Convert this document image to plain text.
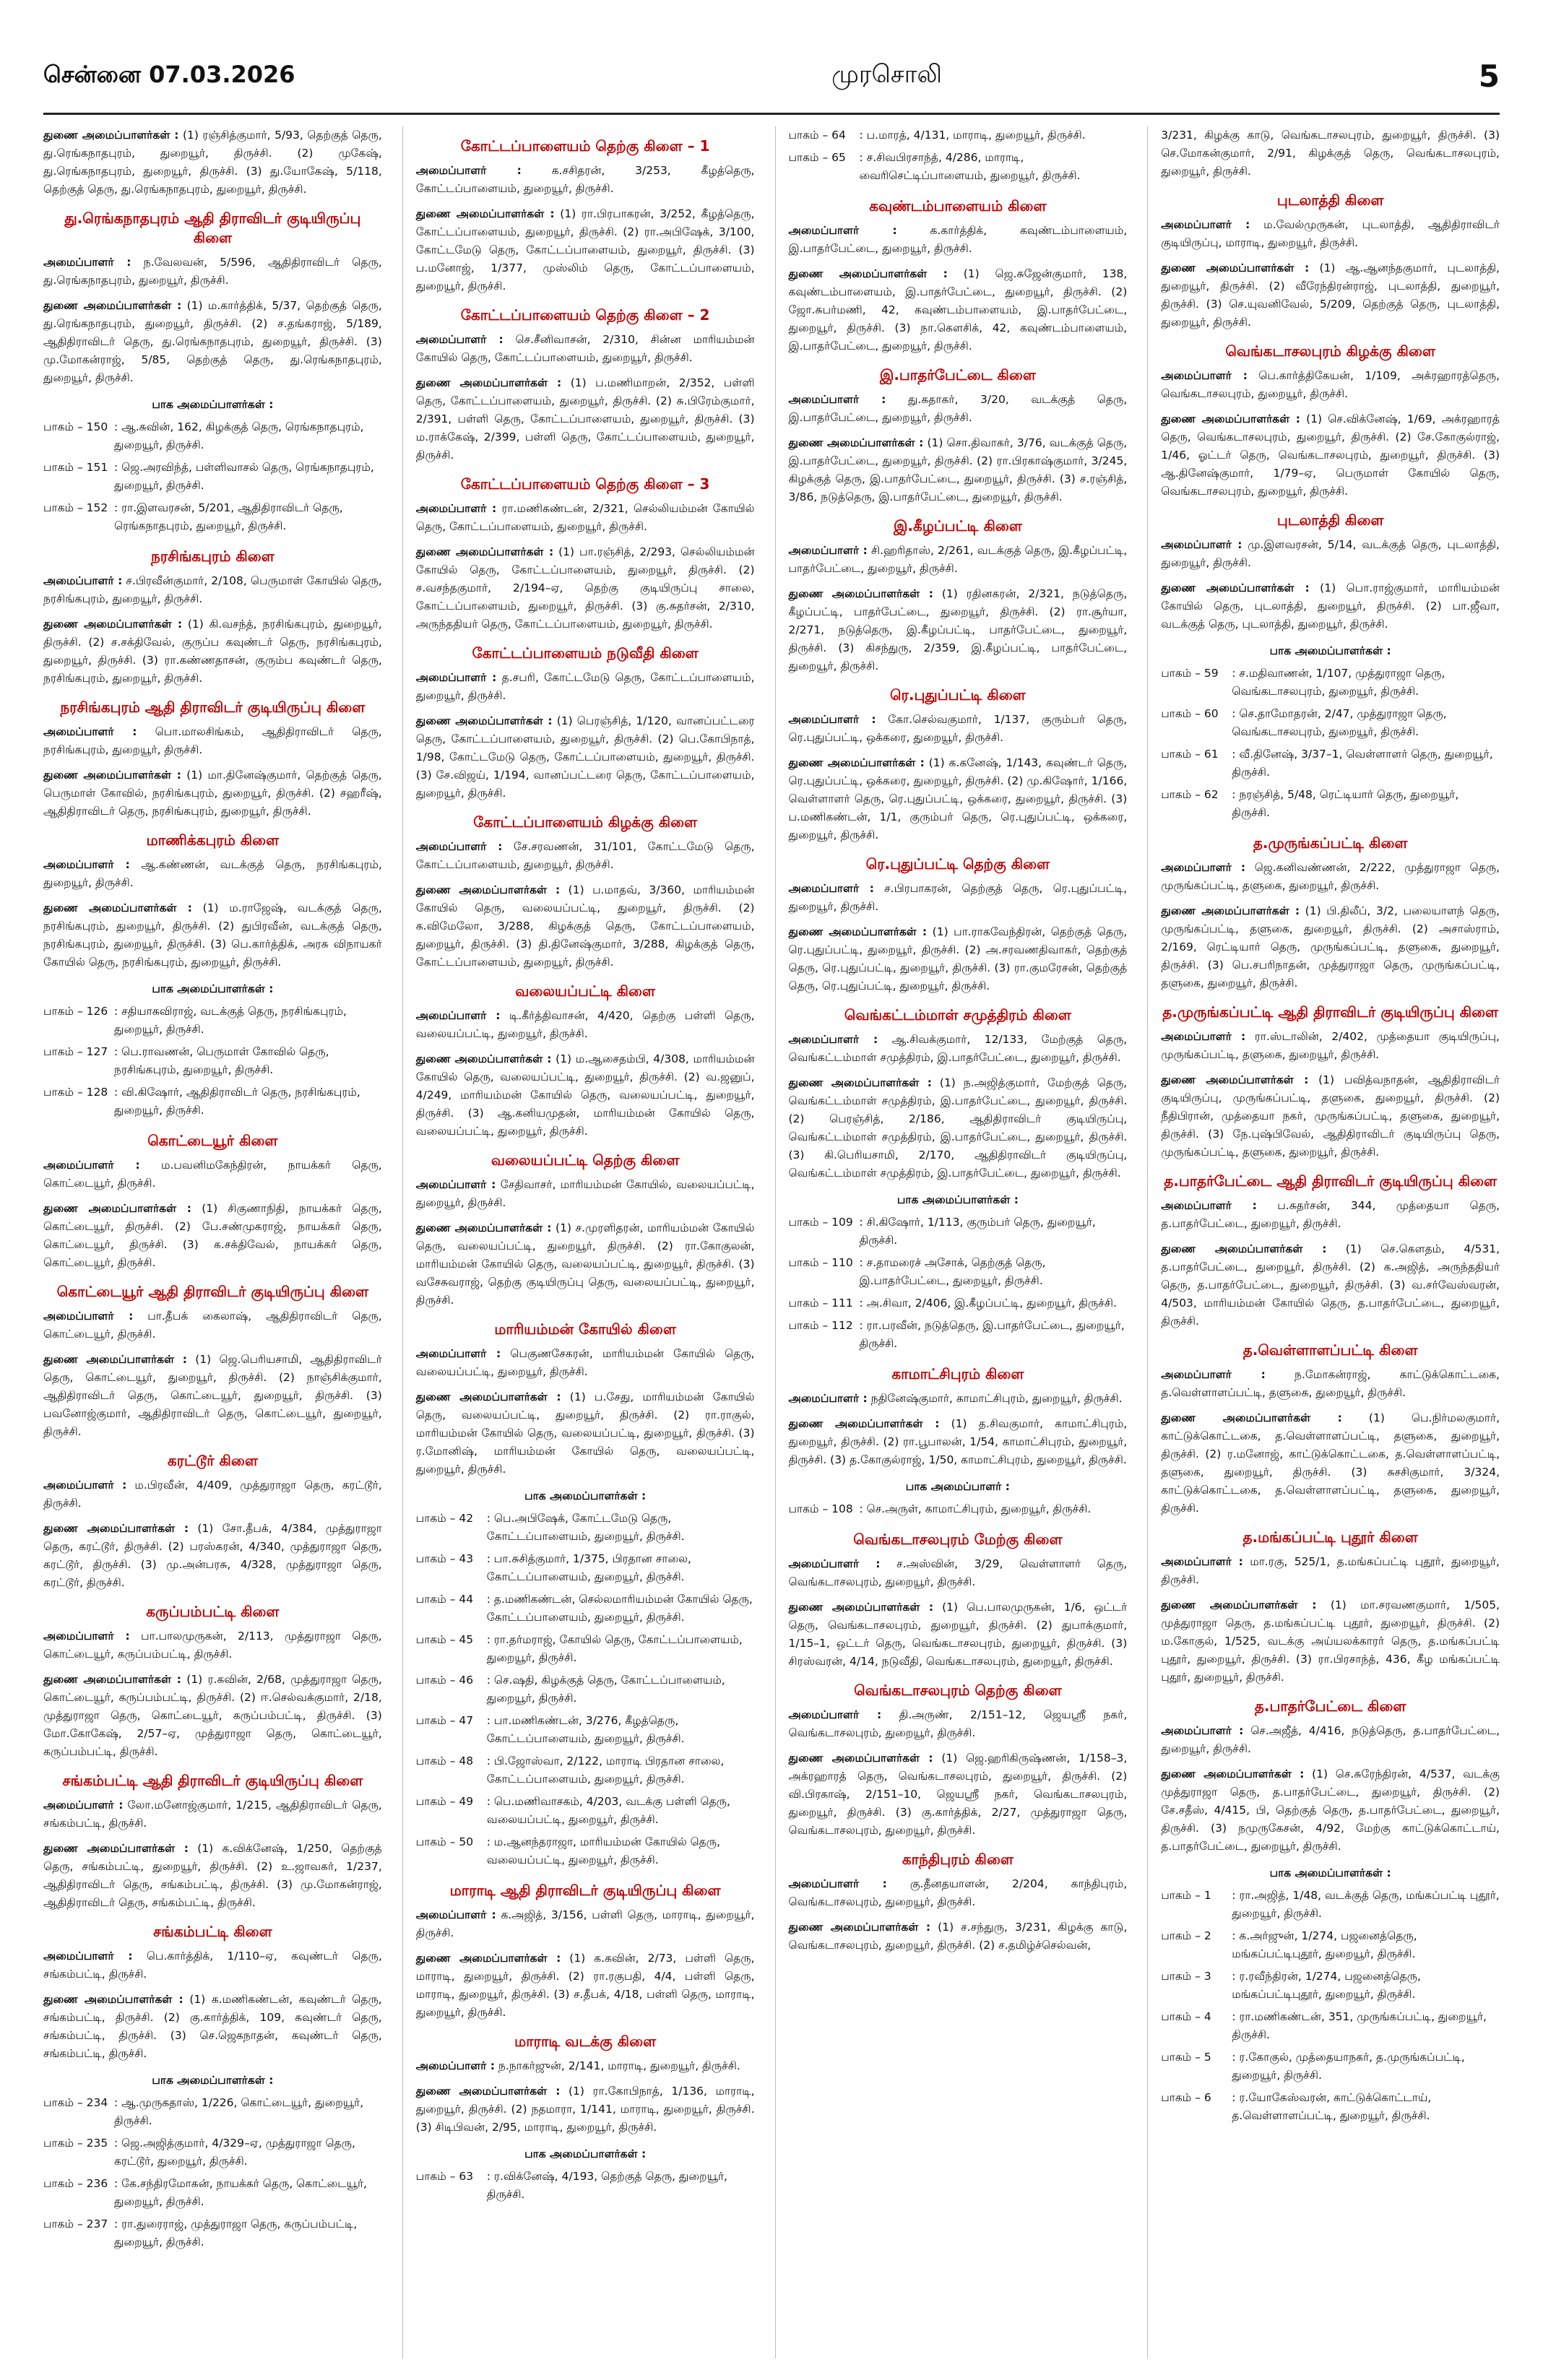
சென்னை 07.03.2026	முரசொலி	5
துணை அமைப்பாளர்கள் : (1) ரஞ்சித்குமார், 5/93, தெற்குத் தெரு, து.ரெங்கநாதபுரம், துறையூர், திருச்சி. (2) முகேஷ், து.ரெங்கநாதபுரம், துறையூர், திருச்சி. (3) து.யோகேஷ், 5/118, தெற்குத் தெரு, து.ரெங்கநாதபுரம், துறையூர், திருச்சி.
து.ரெங்கநாதபுரம் ஆதி திராவிடர் குடியிருப்பு கிளை
அமைப்பாளர் : ந.வேலவன், 5/596, ஆதிதிராவிடர் தெரு, து.ரெங்கநாதபுரம், துறையூர், திருச்சி.
துணை அமைப்பாளர்கள் : (1) ம.கார்த்திக், 5/37, தெற்குத் தெரு, து.ரெங்கநாதபுரம், துறையூர், திருச்சி. (2) ச.தங்கராஜ், 5/189, ஆதிதிராவிடர் தெரு, து.ரெங்கநாதபுரம், துறையூர், திருச்சி. (3) மு.மோகன்ராஜ், 5/85, தெற்குத் தெரு, து.ரெங்கநாதபுரம், துறையூர், திருச்சி.
பாக அமைப்பாளர்கள் :
பாகம் – 150 : ஆ.சுவின், 162, கிழக்குத் தெரு, ரெங்கநாதபுரம், துறையூர், திருச்சி.
பாகம் – 151 : ஜெ.அரவிந்த், பள்ளிவாசல் தெரு, ரெங்கநாதபுரம், துறையூர், திருச்சி.
பாகம் – 152 : ரா.இளவரசன், 5/201, ஆதிதிராவிடர் தெரு, ரெங்கநாதபுரம், துறையூர், திருச்சி.
நரசிங்கபுரம் கிளை
அமைப்பாளர் : ச.பிரவீன்குமார், 2/108, பெருமாள் கோயில் தெரு, நரசிங்கபுரம், துறையூர், திருச்சி.
துணை அமைப்பாளர்கள் : (1) கி.வசந்த், நரசிங்கபுரம், துறையூர், திருச்சி. (2) ச.சக்திவேல், குருப்ப கவுண்டர் தெரு, நரசிங்கபுரம், துறையூர், திருச்சி. (3) ரா.கண்ணதாசன், குரும்ப கவுண்டர் தெரு, நரசிங்கபுரம், துறையூர், திருச்சி.
நரசிங்கபுரம் ஆதி திராவிடர் குடியிருப்பு கிளை
அமைப்பாளர் : பொ.மாலசிங்கம், ஆதிதிராவிடர் தெரு, நரசிங்கபுரம், துறையூர், திருச்சி.
துணை அமைப்பாளர்கள் : (1) மா.தினேஷ்குமார், தெற்குத் தெரு, பெருமாள் கோவில், நரசிங்கபுரம், துறையூர், திருச்சி. (2) சஹரீஷ், ஆதிதிராவிடர் தெரு, நரசிங்கபுரம், துறையூர், திருச்சி.
மாணிக்கபுரம் கிளை
அமைப்பாளர் : ஆ.கண்ணன், வடக்குத் தெரு, நரசிங்கபுரம், துறையூர், திருச்சி.
துணை அமைப்பாளர்கள் : (1) ம.ராஜேஷ், வடக்குத் தெரு, நரசிங்கபுரம், துறையூர், திருச்சி. (2) துபிரவீன், வடக்குத் தெரு, நரசிங்கபுரம், துறையூர், திருச்சி. (3) பெ.கார்த்திக், அரசு விநாயகர் கோயில் தெரு, நரசிங்கபுரம், துறையூர், திருச்சி.
பாக அமைப்பாளர்கள் :
பாகம் – 126 : சதியாகவிராஜ், வடக்குத் தெரு, நரசிங்கபுரம், துறையூர், திருச்சி.
பாகம் – 127 : பெ.ராவணன், பெருமாள் கோவில் தெரு, நரசிங்கபுரம், துறையூர், திருச்சி.
பாகம் – 128 : வி.கிஷோர், ஆதிதிராவிடர் தெரு, நரசிங்கபுரம், துறையூர், திருச்சி.
கொட்டையூர் கிளை
அமைப்பாளர் : ம.பவனிமகேந்திரன், நாயக்கர் தெரு, கொட்டையூர், திருச்சி.
துணை அமைப்பாளர்கள் : (1) சிகுணாநிதி, நாயக்கர் தெரு, கொட்டையூர், திருச்சி. (2) பே.சண்முகராஜ், நாயக்கர் தெரு, கொட்டையூர், திருச்சி. (3) க.சக்திவேல், நாயக்கர் தெரு, கொட்டையூர், திருச்சி.
கொட்டையூர் ஆதி திராவிடர் குடியிருப்பு கிளை
அமைப்பாளர் : பா.தீபக் கைலாஷ், ஆதிதிராவிடர் தெரு, கொட்டையூர், திருச்சி.
துணை அமைப்பாளர்கள் : (1) ஜெ.பெரியசாமி, ஆதிதிராவிடர் தெரு, கொட்டையூர், துறையூர், திருச்சி. (2) நாஞ்சிக்குமார், ஆதிதிராவிடர் தெரு, கொட்டையூர், துறையூர், திருச்சி. (3) பவனோஜ்குமார், ஆதிதிராவிடர் தெரு, கொட்டையூர், துறையூர், திருச்சி.
கரட்டூர் கிளை
அமைப்பாளர் : ம.பிரவீன், 4/409, முத்துராஜா தெரு, கரட்டூர், திருச்சி.
துணை அமைப்பாளர்கள் : (1) சோ.தீபக், 4/384, முத்துராஜா தெரு, கரட்டூர், திருச்சி. (2) பரஸ்கரன், 4/340, முத்துராஜா தெரு, கரட்டூர், திருச்சி. (3) மு.அன்பரசு, 4/328, முத்துராஜா தெரு, கரட்டூர், திருச்சி.
கருப்பம்பட்டி கிளை
அமைப்பாளர் : பா.பாலமுருகன், 2/113, முத்துராஜா தெரு, கொட்டையூர், கருப்பம்பட்டி, திருச்சி.
துணை அமைப்பாளர்கள் : (1) ர.கவின், 2/68, முத்துராஜா தெரு, கொட்டையூர், கருப்பம்பட்டி, திருச்சி. (2) ஈ.செல்வக்குமார், 2/18, முத்துராஜா தெரு, கொட்டையூர், கருப்பம்பட்டி, திருச்சி. (3) மோ.கோகேஷ், 2/57–ஏ, முத்துராஜா தெரு, கொட்டையூர், கருப்பம்பட்டி, திருச்சி.
சங்கம்பட்டி ஆதி திராவிடர் குடியிருப்பு கிளை
அமைப்பாளர் : லோ.மனோஜ்குமார், 1/215, ஆதிதிராவிடர் தெரு, சங்கம்பட்டி, திருச்சி.
துணை அமைப்பாளர்கள் : (1) க.விக்னேஷ், 1/250, தெற்குத் தெரு, சங்கம்பட்டி, துறையூர், திருச்சி. (2) உ.ஜாவகர், 1/237, ஆதிதிராவிடர் தெரு, சங்கம்பட்டி, திருச்சி. (3) மு.மோகன்ராஜ், ஆதிதிராவிடர் தெரு, சங்கம்பட்டி, திருச்சி.
சங்கம்பட்டி கிளை
அமைப்பாளர் : பெ.கார்த்திக், 1/110–ஏ, கவுண்டர் தெரு, சங்கம்பட்டி, திருச்சி.
துணை அமைப்பாளர்கள் : (1) க.மணிகண்டன், கவுண்டர் தெரு, சங்கம்பட்டி, திருச்சி. (2) கு.கார்த்திக், 109, கவுண்டர் தெரு, சங்கம்பட்டி, திருச்சி. (3) செ.ஜெகநாதன், கவுண்டர் தெரு, சங்கம்பட்டி, திருச்சி.
பாக அமைப்பாளர்கள் :
பாகம் – 234 : ஆ.முருகதாஸ், 1/226, கொட்டையூர், துறையூர், திருச்சி.
பாகம் – 235 : ஜெ.அஜித்குமார், 4/329–ஏ, முத்துராஜா தெரு, கரட்டூர், துறையூர், திருச்சி.
பாகம் – 236 : கே.சந்திரமோகன், நாயக்கர் தெரு, கொட்டையூர், துறையூர், திருச்சி.
பாகம் – 237 : ரா.துரைராஜ், முத்துராஜா தெரு, கருப்பம்பட்டி, துறையூர், திருச்சி.
கோட்டப்பாளையம் தெற்கு கிளை – 1
அமைப்பாளர் :	க.சசிதரன், 3/253, கீழத்தெரு, கோட்டப்பாளையம், துறையூர், திருச்சி.
துணை அமைப்பாளர்கள் : (1) ரா.பிரபாகரன், 3/252, கீழத்தெரு, கோட்டப்பாளையம், துறையூர், திருச்சி. (2) ரா.அபிஷேக், 3/100, கோட்டமேடு தெரு, கோட்டப்பாளையம், துறையூர், திருச்சி. (3) ப.மனோஜ், 1/377, முஸ்லிம் தெரு, கோட்டப்பாளையம், துறையூர், திருச்சி.
கோட்டப்பாளையம் தெற்கு கிளை – 2
அமைப்பாளர் : செ.சீனிவாசன், 2/310, சின்ன மாரியம்மன் கோயில் தெரு, கோட்டப்பாளையம், துறையூர், திருச்சி.
துணை அமைப்பாளர்கள் : (1) ப.மணிமாறன், 2/352, பள்ளி தெரு, கோட்டப்பாளையம், துறையூர், திருச்சி. (2) சு.பிரேம்குமார், 2/391, பள்ளி தெரு, கோட்டப்பாளையம், துறையூர், திருச்சி. (3) ம.ராக்கேஷ், 2/399, பள்ளி தெரு, கோட்டப்பாளையம், துறையூர், திருச்சி.
கோட்டப்பாளையம் தெற்கு கிளை – 3
அமைப்பாளர் : ரா.மணிகண்டன், 2/321, செல்லியம்மன் கோயில் தெரு, கோட்டப்பாளையம், துறையூர், திருச்சி.
துணை அமைப்பாளர்கள் : (1) பா.ரஞ்சித், 2/293, செல்லியம்மன் கோயில் தெரு, கோட்டப்பாளையம், துறையூர், திருச்சி. (2) ச.வசந்தகுமார், 2/194–ஏ, தெற்கு குடியிருப்பு சாலை, கோட்டப்பாளையம், துறையூர், திருச்சி. (3) கு.சுதர்சன், 2/310, அருந்ததியர் தெரு, கோட்டப்பாளையம், துறையூர், திருச்சி.
கோட்டப்பாளையம் நடுவீதி கிளை
அமைப்பாளர் : த.சபரி, கோட்டமேடு தெரு, கோட்டப்பாளையம், துறையூர், திருச்சி.
துணை அமைப்பாளர்கள் : (1) பெரஞ்சித், 1/120, வானப்பட்டரை தெரு, கோட்டப்பாளையம், துறையூர், திருச்சி. (2) பெ.கோபிநாத், 1/98, கோட்டமேடு தெரு, கோட்டப்பாளையம், துறையூர், திருச்சி. (3) சே.விஜய், 1/194, வானப்பட்டரை தெரு, கோட்டப்பாளையம், துறையூர், திருச்சி.
கோட்டப்பாளையம் கிழக்கு கிளை
அமைப்பாளர் : சே.சரவணன், 31/101, கோட்டமேடு தெரு, கோட்டப்பாளையம், துறையூர், திருச்சி.
துணை அமைப்பாளர்கள் : (1) ப.மாதவ், 3/360, மாரியம்மன் கோயில் தெரு, வலையப்பட்டி, துறையூர், திருச்சி. (2) க.விமேலோ, 3/288, கிழக்குத் தெரு, கோட்டப்பாளையம், துறையூர், திருச்சி. (3) தி.தினேஷ்குமார், 3/288, கிழக்குத் தெரு, கோட்டப்பாளையம், துறையூர், திருச்சி.
வலையப்பட்டி கிளை
அமைப்பாளர் : டி.கீர்த்திவாசன், 4/420, தெற்கு பள்ளி தெரு, வலையப்பட்டி, துறையூர், திருச்சி.
துணை அமைப்பாளர்கள் : (1) ம.ஆசைதம்பி, 4/308, மாரியம்மன் கோயில் தெரு, வலையப்பட்டி, துறையூர், திருச்சி. (2) வ.ஜனுப், 4/249, மாரியம்மன் கோயில் தெரு, வலையப்பட்டி, துறையூர், திருச்சி. (3) ஆ.கனியமுதன், மாரியம்மன் கோயில் தெரு, வலையப்பட்டி, துறையூர், திருச்சி.
வலையப்பட்டி தெற்கு கிளை
அமைப்பாளர் : சேதிவாசர், மாரியம்மன் கோயில், வலையப்பட்டி, துறையூர், திருச்சி.
துணை அமைப்பாளர்கள் : (1) ச.முரளிதரன், மாரியம்மன் கோயில் தெரு, வலையப்பட்டி, துறையூர், திருச்சி. (2) ரா.கோகுலன், மாரியம்மன் கோயில் தெரு, வலையப்பட்டி, துறையூர், திருச்சி. (3) வசேசுவராஜ், தெற்கு குடியிருப்பு தெரு, வலையப்பட்டி, துறையூர், திருச்சி.
மாரியம்மன் கோயில் கிளை
அமைப்பாளர் : பெகுணசேகரன், மாரியம்மன் கோயில் தெரு, வலையப்பட்டி, துறையூர், திருச்சி.
துணை அமைப்பாளர்கள் : (1) ப.சேது, மாரியம்மன் கோயில் தெரு, வலையப்பட்டி, துறையூர், திருச்சி. (2) ரா.ராகுல், மாரியம்மன் கோயில் தெரு, வலையப்பட்டி, துறையூர், திருச்சி. (3) ர.மோனிஷ், மாரியம்மன் கோயில் தெரு, வலையப்பட்டி, துறையூர், திருச்சி.
பாக அமைப்பாளர்கள் :
பாகம் – 42	: பெ.அபிஷேக், கோட்டமேடு தெரு, கோட்டப்பாளையம், துறையூர், திருச்சி.
பாகம் – 43	: பா.சுசித்குமார், 1/375, பிரதான சாலை, கோட்டப்பாளையம், துறையூர், திருச்சி.
பாகம் – 44	: த.மணிகண்டன், செல்லமாரியம்மன் கோயில் தெரு, கோட்டப்பாளையம், துறையூர், திருச்சி.
பாகம் – 45	: ரா.தர்மராஜ், கோயில் தெரு, கோட்டப்பாளையம், துறையூர், திருச்சி.
பாகம் – 46	: செ.ஷதி, கிழக்குத் தெரு, கோட்டப்பாளையம், துறையூர், திருச்சி.
பாகம் – 47	: பா.மணிகண்டன், 3/276, கீழத்தெரு, கோட்டப்பாளையம், துறையூர், திருச்சி.
பாகம் – 48	: பி.ஜோஸ்வா, 2/122, மாராடி பிரதான சாலை, கோட்டப்பாளையம், துறையூர், திருச்சி.
பாகம் – 49	: பெ.மணிவாசகம், 4/203, வடக்கு பள்ளி தெரு, வலையப்பட்டி, துறையூர், திருச்சி.
பாகம் – 50	: ம.ஆனந்தராஜா, மாரியம்மன் கோயில் தெரு, வலையப்பட்டி, துறையூர், திருச்சி.
மாராடி ஆதி திராவிடர் குடியிருப்பு கிளை
அமைப்பாளர் : க.அஜித், 3/156, பள்ளி தெரு, மாராடி, துறையூர், திருச்சி.
துணை அமைப்பாளர்கள் : (1) க.கவின், 2/73, பள்ளி தெரு, மாராடி, துறையூர், திருச்சி. (2) ரா.ரகுபதி, 4/4, பள்ளி தெரு, மாராடி, துறையூர், திருச்சி. (3) ச.தீபக், 4/18, பள்ளி தெரு, மாராடி, துறையூர், திருச்சி.
மாராடி வடக்கு கிளை
அமைப்பாளர் : ந.நாகர்ஜுன், 2/141, மாராடி, துறையூர், திருச்சி.
துணை அமைப்பாளர்கள் : (1) ரா.கோபிநாத், 1/136, மாராடி, துறையூர், திருச்சி. (2) நதமாரா, 1/141, மாராடி, துறையூர், திருச்சி. (3) சிடிபிவன், 2/95, மாராடி, துறையூர், திருச்சி.
பாக அமைப்பாளர்கள் :
பாகம் – 63	: ர.விக்னேஷ், 4/193, தெற்குத் தெரு, துறையூர், திருச்சி.
பாகம் – 64	: ப.மாரத், 4/131, மாராடி, துறையூர், திருச்சி.
பாகம் – 65	: ச.சிவபிரசாந்த், 4/286, மாராடி, வைரிசெட்டிப்பாளையம், துறையூர், திருச்சி.
கவுண்டம்பாளையம் கிளை
அமைப்பாளர் :	க.கார்த்திக், கவுண்டம்பாளையம், இ.பாதர்பேட்டை, துறையூர், திருச்சி.
துணை அமைப்பாளர்கள் : (1) ஜெ.சுஜேன்குமார், 138, கவுண்டம்பாளையம், இ.பாதர்பேட்டை, துறையூர், திருச்சி. (2) ஜோ.சுபர்மணி, 42, கவுண்டம்பாளையம், இ.பாதர்பேட்டை, துறையூர், திருச்சி. (3) நா.கௌசிக், 42, கவுண்டம்பாளையம், இ.பாதர்பேட்டை, துறையூர், திருச்சி.
இ.பாதர்பேட்டை கிளை
அமைப்பாளர் : து.கதாகர், 3/20, வடக்குத் தெரு, இ.பாதர்பேட்டை, துறையூர், திருச்சி.
துணை அமைப்பாளர்கள் : (1) சொ.திவாகர், 3/76, வடக்குத் தெரு, இ.பாதர்பேட்டை, துறையூர், திருச்சி. (2) ரா.பிரகாஷ்குமார், 3/245, கிழக்குத் தெரு, இ.பாதர்பேட்டை, துறையூர், திருச்சி. (3) ச.ரஞ்சித், 3/86, நடுத்தெரு, இ.பாதர்பேட்டை, துறையூர், திருச்சி.
இ.கீழப்பட்டி கிளை
அமைப்பாளர் : சி.ஹரிதாஸ், 2/261, வடக்குத் தெரு, இ.கீழப்பட்டி, பாதர்பேட்டை, துறையூர், திருச்சி.
துணை அமைப்பாளர்கள் : (1) ரதினகரன், 2/321, நடுத்தெரு, கீழப்பட்டி, பாதர்பேட்டை, துறையூர், திருச்சி. (2) ரா.சூர்யா, 2/271, நடுத்தெரு, இ.கீழப்பட்டி, பாதர்பேட்டை, துறையூர், திருச்சி. (3) கிசந்துரு, 2/359, இ.கீழப்பட்டி, பாதர்பேட்டை, துறையூர், திருச்சி.
ரெ.புதுப்பட்டி கிளை
அமைப்பாளர் : கோ.செல்வகுமார், 1/137, குரும்பர் தெரு, ரெ.புதுப்பட்டி, ஒக்கரை, துறையூர், திருச்சி.
துணை அமைப்பாளர்கள் : (1) க.கனேஷ், 1/143, கவுண்டர் தெரு, ரெ.புதுப்பட்டி, ஒக்கரை, துறையூர், திருச்சி. (2) மு.கிஷோர், 1/166, வெள்ளாளர் தெரு, ரெ.புதுப்பட்டி, ஒக்கரை, துறையூர், திருச்சி. (3) ப.மணிகண்டன், 1/1, குரும்பர் தெரு, ரெ.புதுப்பட்டி, ஒக்கரை, துறையூர், திருச்சி.
ரெ.புதுப்பட்டி தெற்கு கிளை
அமைப்பாளர் : ச.பிரபாகரன், தெற்குத் தெரு, ரெ.புதுப்பட்டி, துறையூர், திருச்சி.
துணை அமைப்பாளர்கள் : (1) பா.ராகவேந்திரன், தெற்குத் தெரு, ரெ.புதுப்பட்டி, துறையூர், திருச்சி. (2) அ.சரவணதிவாகர், தெற்குத் தெரு, ரெ.புதுப்பட்டி, துறையூர், திருச்சி. (3) ரா.குமரேசன், தெற்குத் தெரு, ரெ.புதுப்பட்டி, துறையூர், திருச்சி.
வெங்கட்டம்மாள் சமுத்திரம் கிளை
அமைப்பாளர் : ஆ.சிவக்குமார், 12/133, மேற்குத் தெரு, வெங்கட்டம்மாள் சமுத்திரம், இ.பாதர்பேட்டை, துறையூர், திருச்சி.
துணை அமைப்பாளர்கள் : (1) ந.அஜித்குமார், மேற்குத் தெரு, வெங்கட்டம்மாள் சமுத்திரம், இ.பாதர்பேட்டை, துறையூர், திருச்சி. (2) பெரஞ்சித், 2/186, ஆதிதிராவிடர் குடியிருப்பு, வெங்கட்டம்மாள் சமுத்திரம், இ.பாதர்பேட்டை, துறையூர், திருச்சி. (3) கி.பெரியசாமி, 2/170, ஆதிதிராவிடர் குடியிருப்பு, வெங்கட்டம்மாள் சமுத்திரம், இ.பாதர்பேட்டை, துறையூர், திருச்சி.
பாக அமைப்பாளர்கள் :
பாகம் – 109 : சி.கிஷோர், 1/113, குரும்பர் தெரு, துறையூர், திருச்சி.
பாகம் – 110 : ச.தாமரைச் அசோக், தெற்குத் தெரு, இ.பாதர்பேட்டை, துறையூர், திருச்சி.
பாகம் – 111 : அ.சிவா, 2/406, இ.கீழப்பட்டி, துறையூர், திருச்சி.
பாகம் – 112 : ரா.பரவீன், நடுத்தெரு, இ.பாதர்பேட்டை, துறையூர், திருச்சி.
காமாட்சிபுரம் கிளை
அமைப்பாளர் : நதினேஷ்குமார், காமாட்சிபுரம், துறையூர், திருச்சி.
துணை அமைப்பாளர்கள் : (1) த.சிவகுமார், காமாட்சிபுரம், துறையூர், திருச்சி. (2) ரா.பூபாலன், 1/54, காமாட்சிபுரம், துறையூர், திருச்சி. (3) த.கோகுல்ராஜ், 1/50, காமாட்சிபுரம், துறையூர், திருச்சி.
பாக அமைப்பாளர் :
பாகம் – 108 : செ.அருள், காமாட்சிபுரம், துறையூர், திருச்சி.
வெங்கடாசலபுரம் மேற்கு கிளை
அமைப்பாளர் : ச.அஸ்வின், 3/29, வெள்ளாளர் தெரு, வெங்கடாசலபுரம், துறையூர், திருச்சி.
துணை அமைப்பாளர்கள் : (1) பெ.பாலமுருகன், 1/6, ஒட்டர் தெரு, வெங்கடாசலபுரம், துறையூர், திருச்சி. (2) துபாக்குமார், 1/15–1, ஒட்டர் தெரு, வெங்கடாசலபுரம், துறையூர், திருச்சி. (3) சிரஸ்வரன், 4/14, நடுவீதி, வெங்கடாசலபுரம், துறையூர், திருச்சி.
வெங்கடாசலபுரம் தெற்கு கிளை
அமைப்பாளர் : தி.அருண், 2/151–12, ஜெயஸ்ரீ நகர், வெங்கடாசலபுரம், துறையூர், திருச்சி.
துணை அமைப்பாளர்கள் : (1) ஜெ.ஹரிகிருஷ்ணன், 1/158–3, அக்ரஹாரத் தெரு, வெங்கடாசலபுரம், துறையூர், திருச்சி. (2) வி.பிரகாஷ், 2/151–10, ஜெயஸ்ரீ நகர், வெங்கடாசலபுரம், துறையூர், திருச்சி. (3) கு.கார்த்திக், 2/27, முத்துராஜா தெரு, வெங்கடாசலபுரம், துறையூர், திருச்சி.
காந்திபுரம் கிளை
அமைப்பாளர் : கு.தீனதயாளன், 2/204, காந்திபுரம், வெங்கடாசலபுரம், துறையூர், திருச்சி.
துணை அமைப்பாளர்கள் : (1) ச.சந்துரு, 3/231, கிழக்கு காடு, வெங்கடாசலபுரம், துறையூர், திருச்சி. (2) ச.தமிழ்ச்செல்வன்,
3/231, கிழக்கு காடு, வெங்கடாசலபுரம், துறையூர், திருச்சி. (3) செ.மோகன்குமார், 2/91, கிழக்குத் தெரு, வெங்கடாசலபுரம், துறையூர், திருச்சி.
புடலாத்தி கிளை
அமைப்பாளர் : ம.வேல்முருகன், புடலாத்தி, ஆதிதிராவிடர் குடியிருப்பு, மாராடி, துறையூர், திருச்சி.
துணை அமைப்பாளர்கள் : (1) ஆ.ஆனந்தகுமார், புடலாத்தி, துறையூர், திருச்சி. (2) வீரேந்திரன்ராஜ், புடலாத்தி, துறையூர், திருச்சி. (3) செ.யுவனிவேல், 5/209, தெற்குத் தெரு, புடலாத்தி, துறையூர், திருச்சி.
வெங்கடாசலபுரம் கிழக்கு கிளை
அமைப்பாளர் : பெ.கார்த்திகேயன், 1/109, அக்ரஹாரத்தெரு, வெங்கடாசலபுரம், துறையூர், திருச்சி.
துணை அமைப்பாளர்கள் : (1) செ.விக்னேஷ், 1/69, அக்ரஹாரத் தெரு, வெங்கடாசலபுரம், துறையூர், திருச்சி. (2) சே.கோகுல்ராஜ், 1/46, ஓட்டர் தெரு, வெங்கடாசலபுரம், துறையூர், திருச்சி. (3) ஆ.தினேஷ்குமார், 1/79–ஏ, பெருமாள் கோயில் தெரு, வெங்கடாசலபுரம், துறையூர், திருச்சி.
புடலாத்தி கிளை
அமைப்பாளர் : மு.இளவரசன், 5/14, வடக்குத் தெரு, புடலாத்தி, துறையூர், திருச்சி.
துணை அமைப்பாளர்கள் : (1) பொ.ராஜ்குமார், மாரியம்மன் கோயில் தெரு, புடலாத்தி, துறையூர், திருச்சி. (2) பா.ஜீவா, வடக்குத் தெரு, புடலாத்தி, துறையூர், திருச்சி.
பாக அமைப்பாளர்கள் :
பாகம் – 59	: ச.மதிவாணன், 1/107, முத்துராஜா தெரு, வெங்கடாசலபுரம், துறையூர், திருச்சி.
பாகம் – 60	: செ.தாமோதரன், 2/47, முத்துராஜா தெரு, வெங்கடாசலபுரம், துறையூர், திருச்சி.
பாகம் – 61	: வீ.தினேஷ், 3/37–1, வெள்ளாளர் தெரு, துறையூர், திருச்சி.
பாகம் – 62	: நரஞ்சித், 5/48, ரெட்டியார் தெரு, துறையூர், திருச்சி.
த.முருங்கப்பட்டி கிளை
அமைப்பாளர் : ஜெ.கனிவண்ணன், 2/222, முத்துராஜா தெரு, முருங்கப்பட்டி, தளுகை, துறையூர், திருச்சி.
துணை அமைப்பாளர்கள் : (1) பி.திலீப், 3/2, பலையாளந் தெரு, முருங்கப்பட்டி, தளுகை, துறையூர், திருச்சி. (2) அசாஸ்ராம், 2/169, ரெட்டியார் தெரு, முருங்கப்பட்டி, தளுகை, துறையூர், திருச்சி. (3) பெ.சபரிநாதன், முத்துராஜா தெரு, முருங்கப்பட்டி, தளுகை, துறையூர், திருச்சி.
த.முருங்கப்பட்டி ஆதி திராவிடர் குடியிருப்பு கிளை
அமைப்பாளர் : ரா.ஸ்டாலின், 2/402, முத்தையா குடியிருப்பு, முருங்கப்பட்டி, தளுகை, துறையூர், திருச்சி.
துணை அமைப்பாளர்கள் : (1) பவித்வநாதன், ஆதிதிராவிடர் குடியிருப்பு, முருங்கப்பட்டி, தளுகை, துறையூர், திருச்சி. (2) நீதிபிரான், முத்தையா நகர், முருங்கப்பட்டி, தளுகை, துறையூர், திருச்சி. (3) நே.புஷ்பிவேல், ஆதிதிராவிடர் குடியிருப்பு தெரு, முருங்கப்பட்டி, தளுகை, துறையூர், திருச்சி.
த.பாதர்பேட்டை ஆதி திராவிடர் குடியிருப்பு கிளை
அமைப்பாளர் : ப.சுதர்சன், 344, முத்தையா தெரு, த.பாதர்பேட்டை, துறையூர், திருச்சி.
துணை அமைப்பாளர்கள் : (1) செ.கௌதம், 4/531, த.பாதர்பேட்டை, துறையூர், திருச்சி. (2) க.அஜித், அருந்ததியர் தெரு, த.பாதர்பேட்டை, துறையூர், திருச்சி. (3) வ.சர்வேஸ்வரன், 4/503, மாரியம்மன் கோயில் தெரு, த.பாதர்பேட்டை, துறையூர், திருச்சி.
த.வெள்ளாளப்பட்டி கிளை
அமைப்பாளர் :	ந.மோகன்ராஜ், காட்டுக்கொட்டகை, த.வெள்ளாளப்பட்டி, தளுகை, துறையூர், திருச்சி.
துணை அமைப்பாளர்கள் : (1) பெ.நிர்மலகுமார், காட்டுக்கொட்டகை, த.வெள்ளாளப்பட்டி, தளுகை, துறையூர், திருச்சி. (2) ர.மனோஜ், காட்டுக்கொட்டகை, த.வெள்ளாளப்பட்டி, தளுகை, துறையூர், திருச்சி. (3) சுசசிகுமார், 3/324, காட்டுக்கொட்டகை, த.வெள்ளாளப்பட்டி, தளுகை, துறையூர், திருச்சி.
த.மங்கப்பட்டி புதூர் கிளை
அமைப்பாளர் : மா.ரகு, 525/1, த.மங்கப்பட்டி புதூர், துறையூர், திருச்சி.
துணை அமைப்பாளர்கள் : (1) மா.சரவணகுமார், 1/505, முத்துராஜா தெரு, த.மங்கப்பட்டி புதூர், துறையூர், திருச்சி. (2) ம.கோகுல், 1/525, வடக்கு அய்யலக்காரர் தெரு, த.மங்கப்பட்டி புதூர், துறையூர், திருச்சி. (3) ரா.பிரசாந்த், 436, கீழ மங்கப்பட்டி புதூர், துறையூர், திருச்சி.
த.பாதர்பேட்டை கிளை
அமைப்பாளர் : செ.அஜீத், 4/416, நடுத்தெரு, த.பாதர்பேட்டை, துறையூர், திருச்சி.
துணை அமைப்பாளர்கள் : (1) செ.சுரேந்திரன், 4/537, வடக்கு முத்துராஜா தெரு, த.பாதர்பேட்டை, துறையூர், திருச்சி. (2) சே.சதீஸ், 4/415, பி, தெற்குத் தெரு, த.பாதர்பேட்டை, துறையூர், திருச்சி. (3) நமுருகேசன், 4/92, மேற்கு காட்டுக்கொட்டாய், த.பாதர்பேட்டை, துறையூர், திருச்சி.
பாக அமைப்பாளர்கள் :
பாகம் – 1	: ரா.அஜித், 1/48, வடக்குத் தெரு, மங்கப்பட்டி புதூர், துறையூர், திருச்சி.
பாகம் – 2	: க.அர்ஜுன், 1/274, பஜனைத்தெரு, மங்கப்பட்டிபுதூர், துறையூர், திருச்சி.
பாகம் – 3	: ர.ரவீந்திரன், 1/274, பஜனைத்தெரு, மங்கப்பட்டிபுதூர், துறையூர், திருச்சி.
பாகம் – 4	: ரா.மணிகண்டன், 351, முருங்கப்பட்டி, துறையூர், திருச்சி.
பாகம் – 5	: ர.கோகுல், முத்தையாநகர், த.முருங்கப்பட்டி, துறையூர், திருச்சி.
பாகம் – 6	: ர.யோகேஸ்வரன், காட்டுக்கொட்டாய், த.வெள்ளாளப்பட்டி, துறையூர், திருச்சி.
